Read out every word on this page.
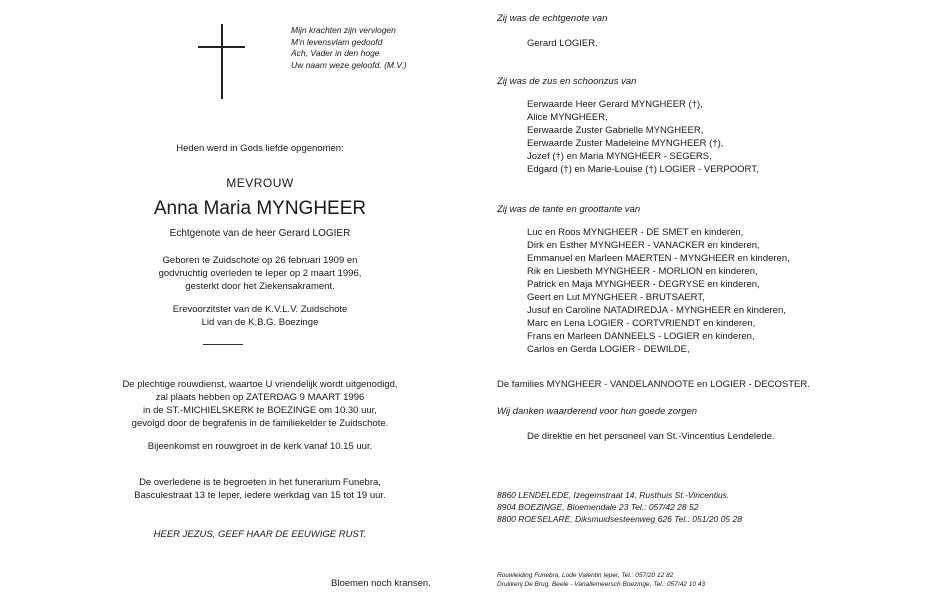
Mijn krachten zijn vervlogen
M'n levensvlam gedoofd
Ach, Vader in den hoge
Uw naam weze geloofd. (M.V.)
Heden werd in Gods liefde opgenomen:
MEVROUW
Anna Maria MYNGHEER
Echtgenote van de heer Gerard LOGIER
Geboren te Zuidschote op 26 februari 1909 en
godvruchtig overleden te Ieper op 2 maart 1996,
gesterkt door het Ziekensakrament.
Erevoorzitster van de K.V.L.V. Zuidschote
Lid van de K.B.G. Boezinge
De plechtige rouwdienst, waartoe U vriendelijk wordt uitgenodigd,
zal plaats hebben op ZATERDAG 9 MAART 1996
in de ST.-MICHIELSKERK te BOEZINGE om 10.30 uur,
gevolgd door de begrafenis in de familiekelder te Zuidschote.
Bijeenkomst en rouwgroet in de kerk vanaf 10.15 uur.
De overledene is te begroeten in het funerarium Funebra,
Basculestraat 13 te Ieper, iedere werkdag van 15 tot 19 uur.
HEER JEZUS, GEEF HAAR DE EEUWIGE RUST.
Bloemen noch kransen.
Zij was de echtgenote van
Gerard LOGIER.
Zij was de zus en schoonzus van
Eerwaarde Heer Gerard MYNGHEER (†),
Alice MYNGHEER,
Eerwaarde Zuster Gabrielle MYNGHEER,
Eerwaarde Zuster Madeleine MYNGHEER (†),
Jozef (†) en Maria MYNGHEER - SEGERS,
Edgard (†) en Marie-Louise (†) LOGIER - VERPOORT,
Zij was de tante en groottante van
Luc en Roos MYNGHEER - DE SMET en kinderen,
Dirk en Esther MYNGHEER - VANACKER en kinderen,
Emmanuel en Marleen MAERTEN - MYNGHEER en kinderen,
Rik en Liesbeth MYNGHEER - MORLION en kinderen,
Patrick en Maja MYNGHEER - DEGRYSE en kinderen,
Geert en Lut MYNGHEER - BRUTSAERT,
Jusuf en Caroline NATADIREDJA - MYNGHEER en kinderen,
Marc en Lena LOGIER - CORTVRIENDT en kinderen,
Frans en Marleen DANNEELS - LOGIER en kinderen,
Carlos en Gerda LOGIER - DEWILDE,
De families MYNGHEER - VANDELANNOOTE en LOGIER - DECOSTER.
Wij danken waarderend voor hun goede zorgen
De direktie en het personeel van St.-Vincentius Lendelede.
8860 LENDELEDE, Izegemstraat 14, Rusthuis St.-Vincentius.
8904 BOEZINGE, Bloemendale 23 Tel.: 057/42 28 52
8800 ROESELARE, Diksmuidsesteenweg 626 Tel.: 051/20 05 28
Rouwleiding Funebra, Lode Valentin Ieper, Tel.: 057/20 12 82
Drukkerij De Brug, Beele - Vanallemeersch Boezinge, Tel.: 057/42 10 43
